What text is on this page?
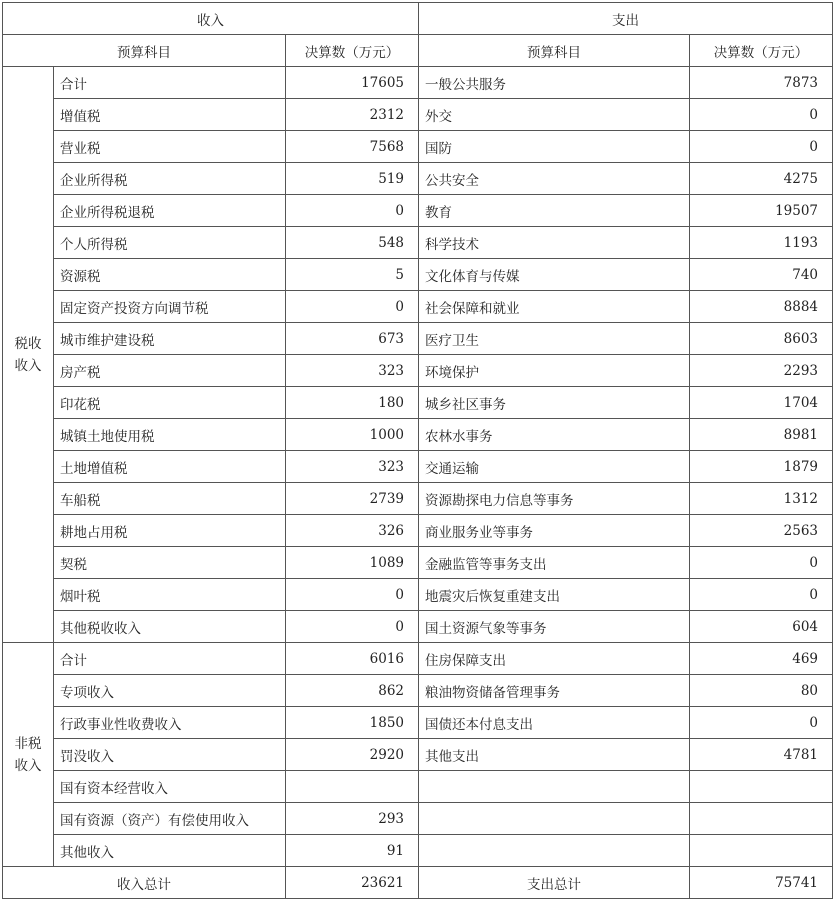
收入			支出	
预算科目		决算数（万元）	预算科目	决算数（万元）

税收
收入	合计	17605	一般公共服务	7873
	增值税	2312	外交	0
	营业税	7568	国防	0
	企业所得税	519	公共安全	4275
	企业所得税退税	0	教育	19507
	个人所得税	548	科学技术	1193
	资源税	5	文化体育与传媒	740
	固定资产投资方向调节税	0	社会保障和就业	8884
	城市维护建设税	673	医疗卫生	8603
	房产税	323	环境保护	2293
	印花税	180	城乡社区事务	1704
	城镇土地使用税	1000	农林水事务	8981
	土地增值税	323	交通运输	1879
	车船税	2739	资源勘探电力信息等事务	1312
	耕地占用税	326	商业服务业等事务	2563
	契税	1089	金融监管等事务支出	0
	烟叶税	0	地震灾后恢复重建支出	0
	其他税收收入	0	国土资源气象等事务	604

非税
收入	合计	6016	住房保障支出	469
	专项收入	862	粮油物资储备管理事务	80
	行政事业性收费收入	1850	国债还本付息支出	0
	罚没收入	2920	其他支出	4781
	国有资本经营收入			
	国有资源（资产）有偿使用收入	293		
	其他收入	91		
收入总计		23621	支出总计	75741
